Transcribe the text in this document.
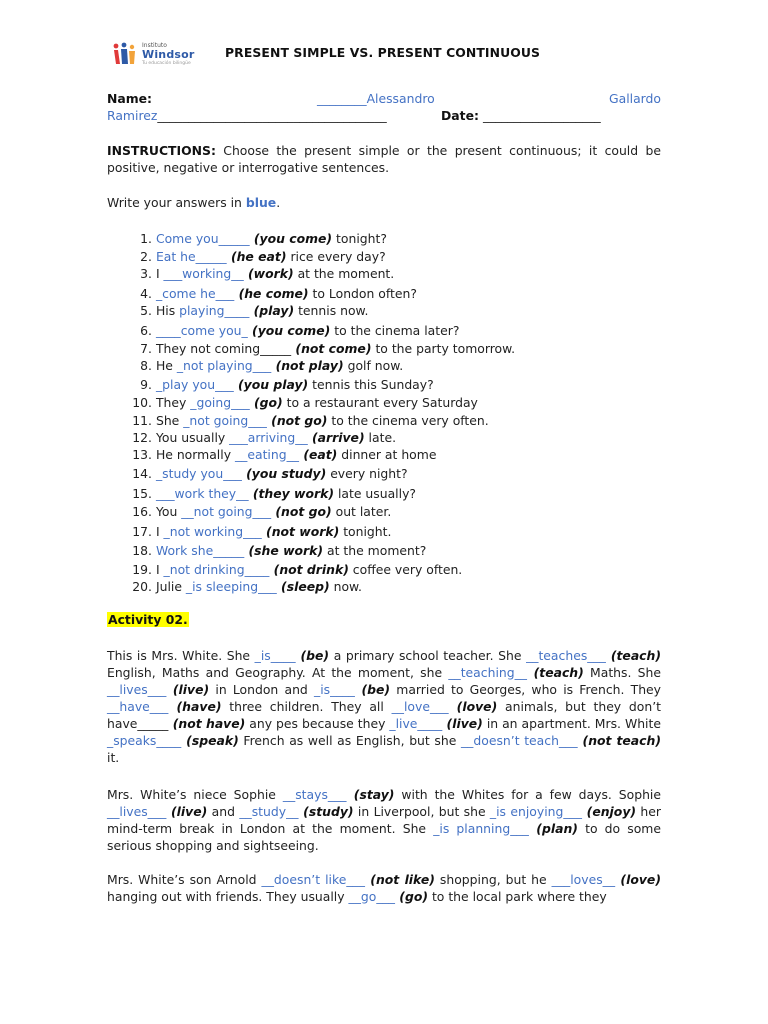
Instituto
Windsor
Tu educación bilingüe
PRESENT SIMPLE VS. PRESENT CONTINUOUS
Name:	________Alessandro	Gallardo
Ramirez_____________________________________	Date: ___________________
INSTRUCTIONS: Choose the present simple or the present continuous; it could be positive, negative or interrogative sentences.
Write your answers in blue.
1. Come you_____ (you come) tonight?
2. Eat he_____ (he eat) rice every day?
3. I ___working__ (work) at the moment.
4. _come he___ (he come) to London often?
5. His playing____ (play) tennis now.
6. ____come you_ (you come) to the cinema later?
7. They not coming_____ (not come) to the party tomorrow.
8. He _not playing___ (not play) golf now.
9. _play you___ (you play) tennis this Sunday?
10. They _going___ (go) to a restaurant every Saturday
11. She _not going___ (not go) to the cinema very often.
12. You usually ___arriving__ (arrive) late.
13. He normally __eating__ (eat) dinner at home
14. _study you___ (you study) every night?
15. ___work they__ (they work) late usually?
16. You __not going___ (not go) out later.
17. I _not working___ (not work) tonight.
18. Work she_____ (she work) at the moment?
19. I _not drinking____ (not drink) coffee very often.
20. Julie _is sleeping___ (sleep) now.
Activity 02.
This is Mrs. White. She _is____ (be) a primary school teacher. She __teaches___ (teach) English, Maths and Geography. At the moment, she __teaching__ (teach) Maths. She __lives___ (live) in London and _is____ (be) married to Georges, who is French. They __have___ (have) three children. They all __love___ (love) animals, but they don’t have_____ (not have) any pes because they _live____ (live) in an apartment. Mrs. White _speaks____ (speak) French as well as English, but she __doesn’t teach___ (not teach) it.
Mrs. White’s niece Sophie __stays___ (stay) with the Whites for a few days. Sophie __lives___ (live) and __study__ (study) in Liverpool, but she _is enjoying___ (enjoy) her mind-term break in London at the moment. She _is planning___ (plan) to do some serious shopping and sightseeing.
Mrs. White’s son Arnold __doesn’t like___ (not like) shopping, but he ___loves__ (love) hanging out with friends. They usually __go___ (go) to the local park where they
